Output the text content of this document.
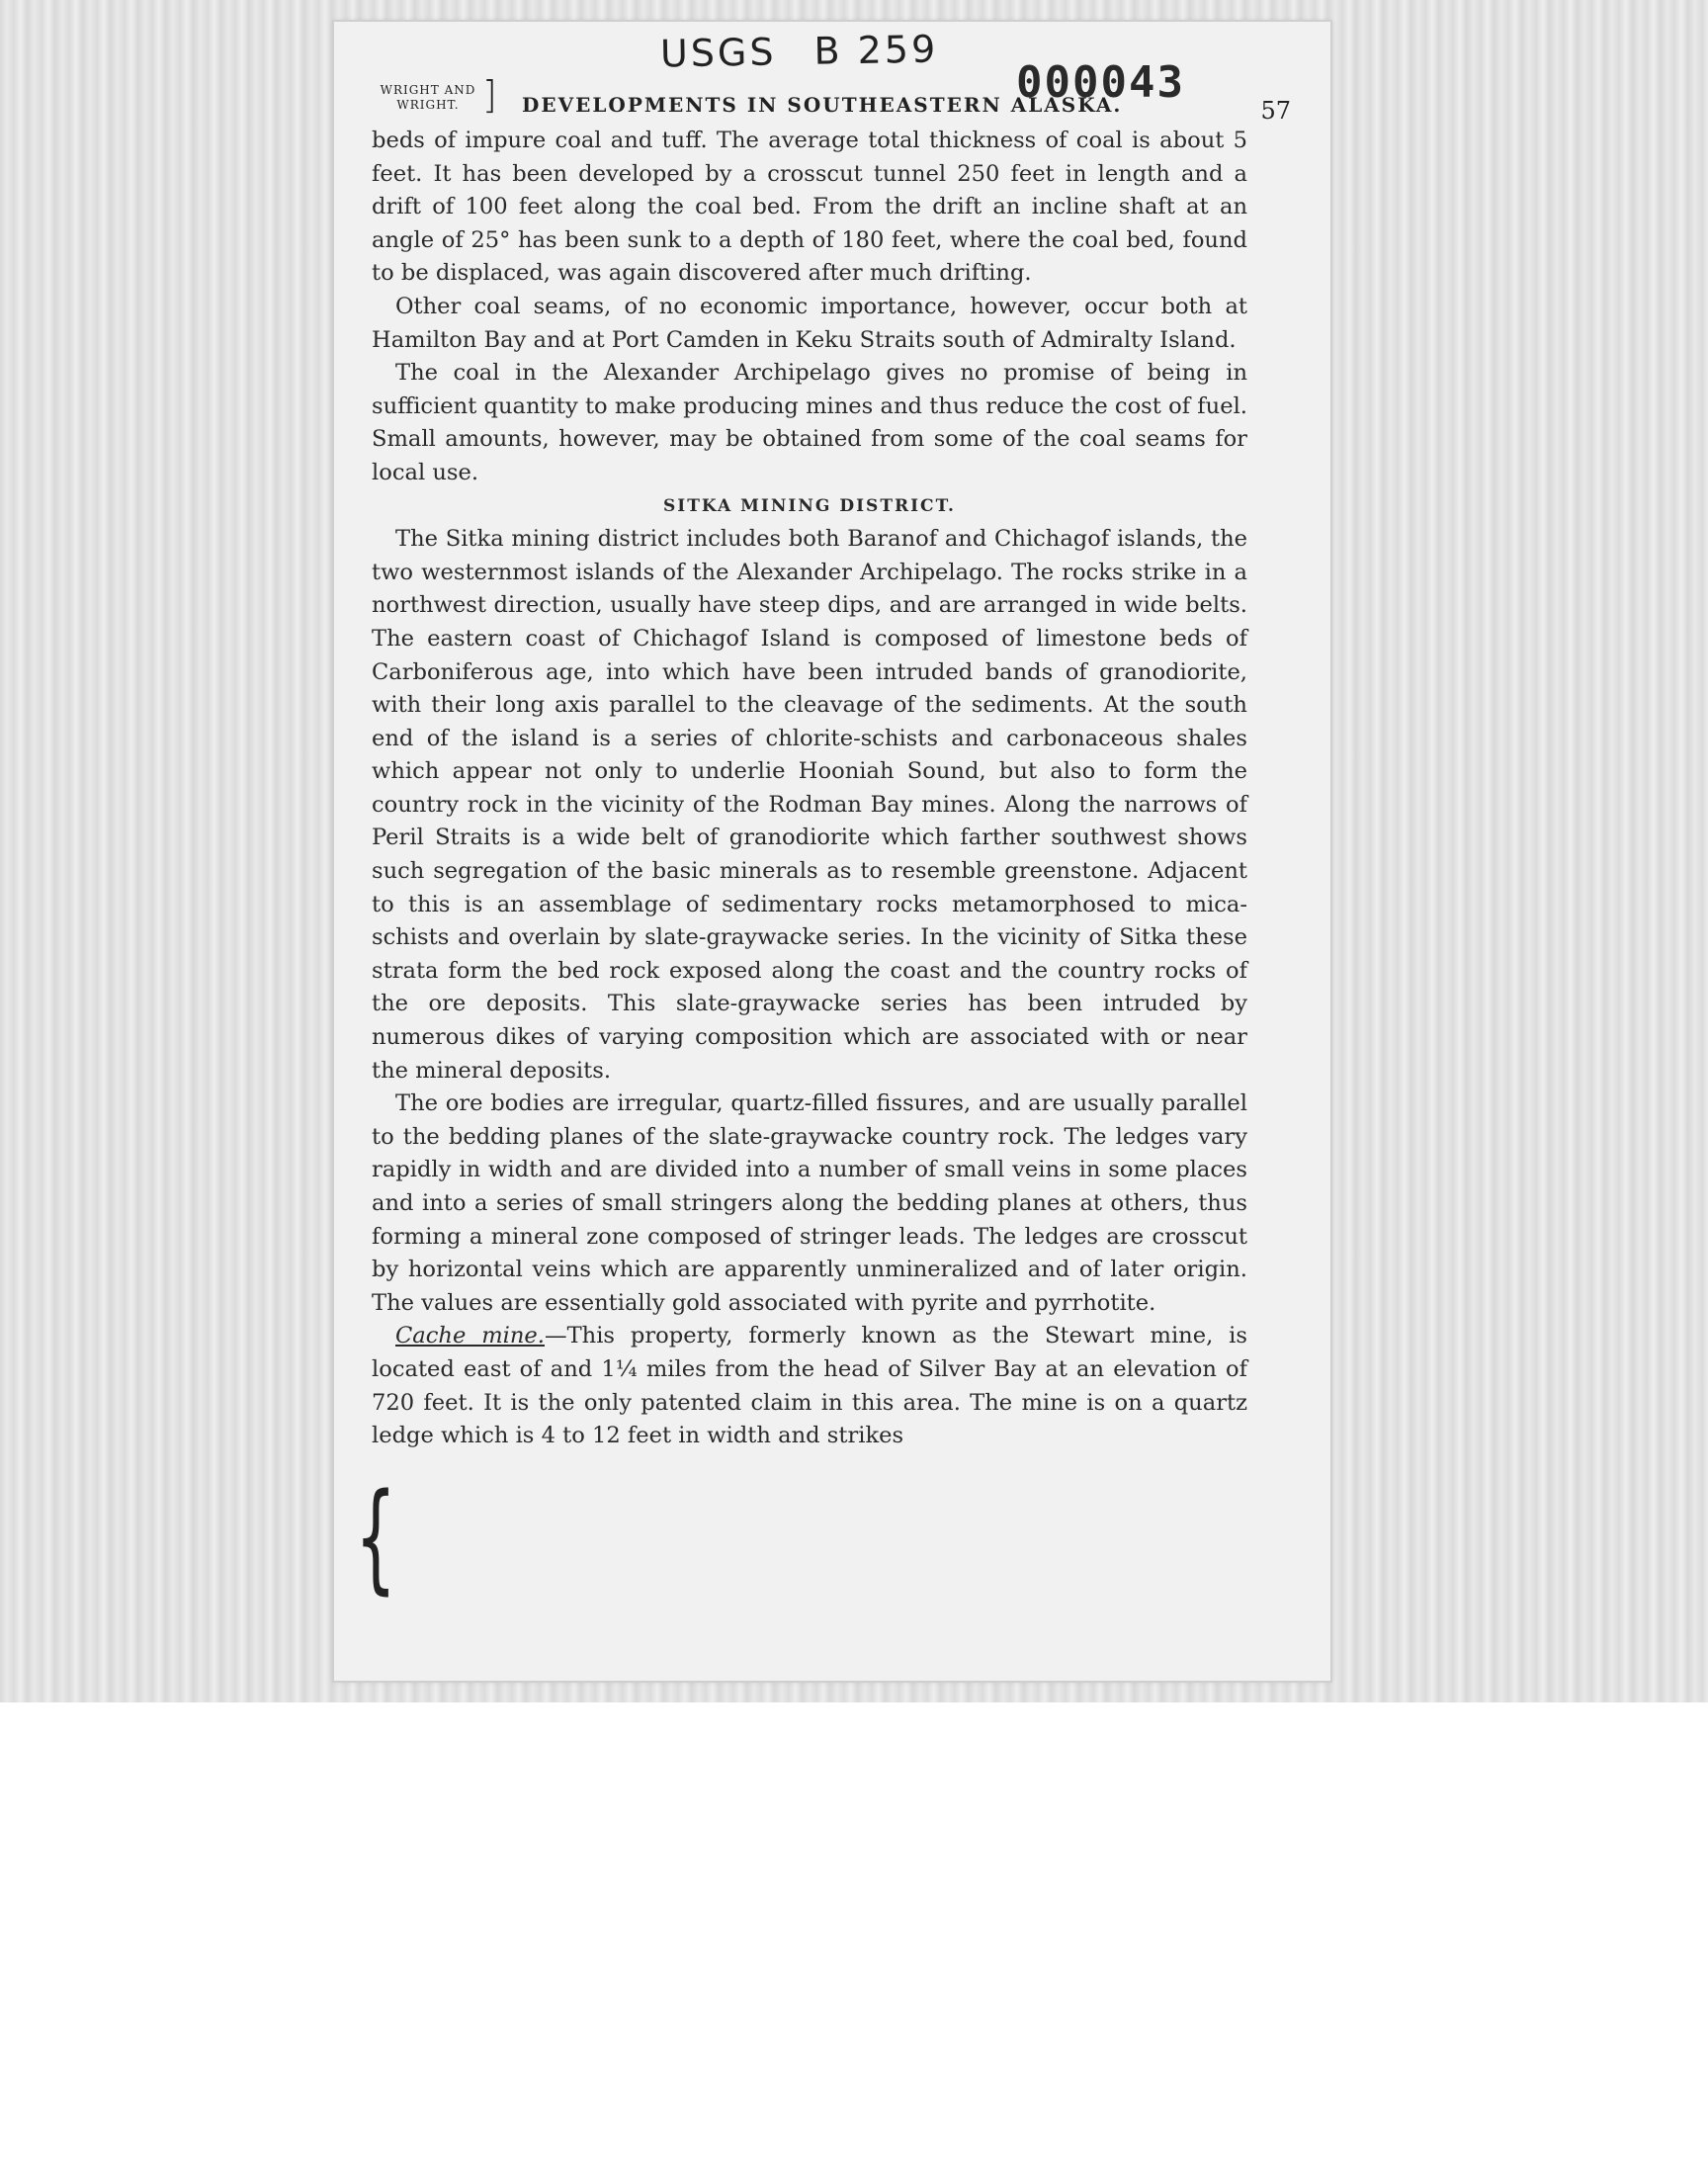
USGS B 259
000043
WRIGHT AND
WRIGHT. ] DEVELOPMENTS IN SOUTHEASTERN ALASKA.	57

beds of impure coal and tuff. The average total thickness of coal is about 5 feet. It has been developed by a crosscut tunnel 250 feet in length and a drift of 100 feet along the coal bed. From the drift an incline shaft at an angle of 25° has been sunk to a depth of 180 feet, where the coal bed, found to be displaced, was again discovered after much drifting.

Other coal seams, of no economic importance, however, occur both at Hamilton Bay and at Port Camden in Keku Straits south of Admiralty Island.

The coal in the Alexander Archipelago gives no promise of being in sufficient quantity to make producing mines and thus reduce the cost of fuel. Small amounts, however, may be obtained from some of the coal seams for local use.

SITKA MINING DISTRICT.

The Sitka mining district includes both Baranof and Chichagof islands, the two westernmost islands of the Alexander Archipelago. The rocks strike in a northwest direction, usually have steep dips, and are arranged in wide belts. The eastern coast of Chichagof Island is composed of limestone beds of Carboniferous age, into which have been intruded bands of granodiorite, with their long axis parallel to the cleavage of the sediments. At the south end of the island is a series of chlorite-schists and carbonaceous shales which appear not only to underlie Hooniah Sound, but also to form the country rock in the vicinity of the Rodman Bay mines. Along the narrows of Peril Straits is a wide belt of granodiorite which farther southwest shows such segregation of the basic minerals as to resemble greenstone. Adjacent to this is an assemblage of sedimentary rocks metamorphosed to mica-schists and overlain by slate-graywacke series. In the vicinity of Sitka these strata form the bed rock exposed along the coast and the country rocks of the ore deposits. This slate-graywacke series has been intruded by numerous dikes of varying composition which are associated with or near the mineral deposits.

The ore bodies are irregular, quartz-filled fissures, and are usually parallel to the bedding planes of the slate-graywacke country rock. The ledges vary rapidly in width and are divided into a number of small veins in some places and into a series of small stringers along the bedding planes at others, thus forming a mineral zone composed of stringer leads. The ledges are crosscut by horizontal veins which are apparently unmineralized and of later origin. The values are essentially gold associated with pyrite and pyrrhotite.

Cache mine.—This property, formerly known as the Stewart mine, is located east of and 1¼ miles from the head of Silver Bay at an elevation of 720 feet. It is the only patented claim in this area. The mine is on a quartz ledge which is 4 to 12 feet in width and strikes

{
